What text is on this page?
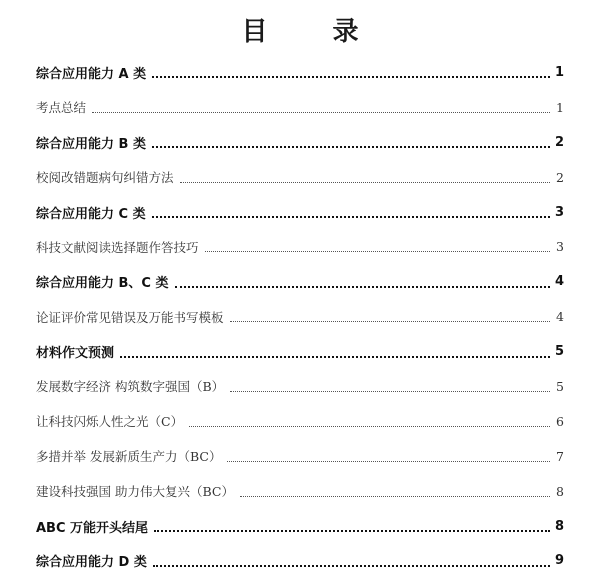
目 录
综合应用能力 A 类	1
考点总结	1
综合应用能力 B 类	2
校阅改错题病句纠错方法	2
综合应用能力 C 类	3
科技文献阅读选择题作答技巧	3
综合应用能力 B、C 类	4
论证评价常见错误及万能书写模板	4
材料作文预测	5
发展数字经济 构筑数字强国（B）	5
让科技闪烁人性之光（C）	6
多措并举 发展新质生产力（BC）	7
建设科技强国 助力伟大复兴（BC）	8
ABC 万能开头结尾	8
综合应用能力 D 类	9
